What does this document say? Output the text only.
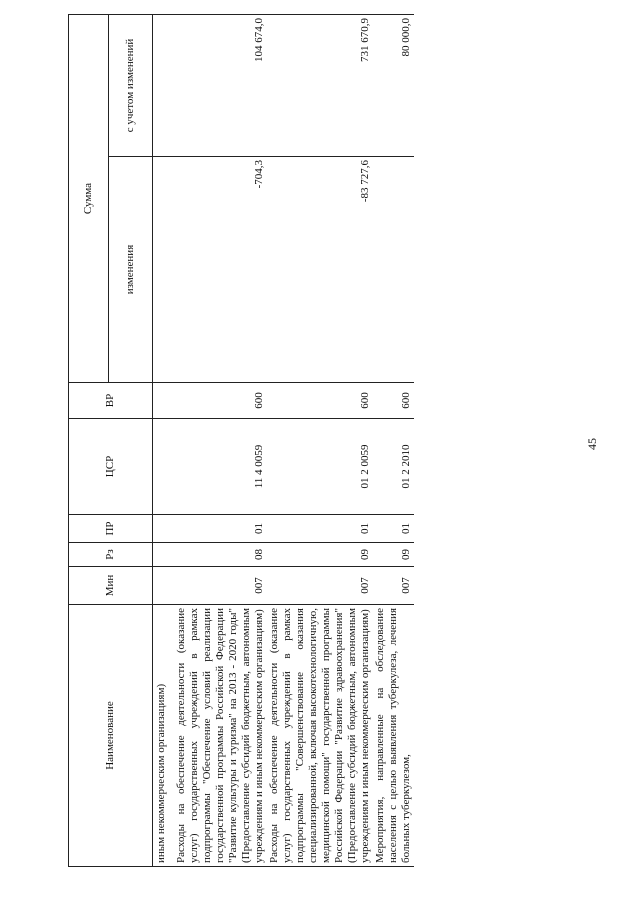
45
Наименование	Мин	Рз	ПР	ЦСР	ВР	Сумма	
						изменения	с учетом изменений
иным некоммерческим организациям)							
Расходы на обеспечение деятельности (оказание услуг) государственных учреждений в рамках подпрограммы "Обеспечение условий реализации государственной программы Российской Федерации "Развитие культуры и туризма" на 2013 - 2020 годы" (Предоставление субсидий бюджетным, автономным учреждениям и иным некоммерческим организациям)	007	08	01	11 4 0059	600	-704,3	104 674,0
Расходы на обеспечение деятельности (оказание услуг) государственных учреждений в рамках подпрограммы "Совершенствование оказания специализированной, включая высокотехнологичную, медицинской помощи" государственной программы Российской Федерации "Развитие здравоохранения" (Предоставление субсидий бюджетным, автономным учреждениям и иным некоммерческим организациям)	007	09	01	01 2 0059	600	-83 727,6	731 670,9
Мероприятия, направленные на обследование населения с целью выявления туберкулеза, лечения больных туберкулезом,	007	09	01	01 2 2010	600		80 000,0
